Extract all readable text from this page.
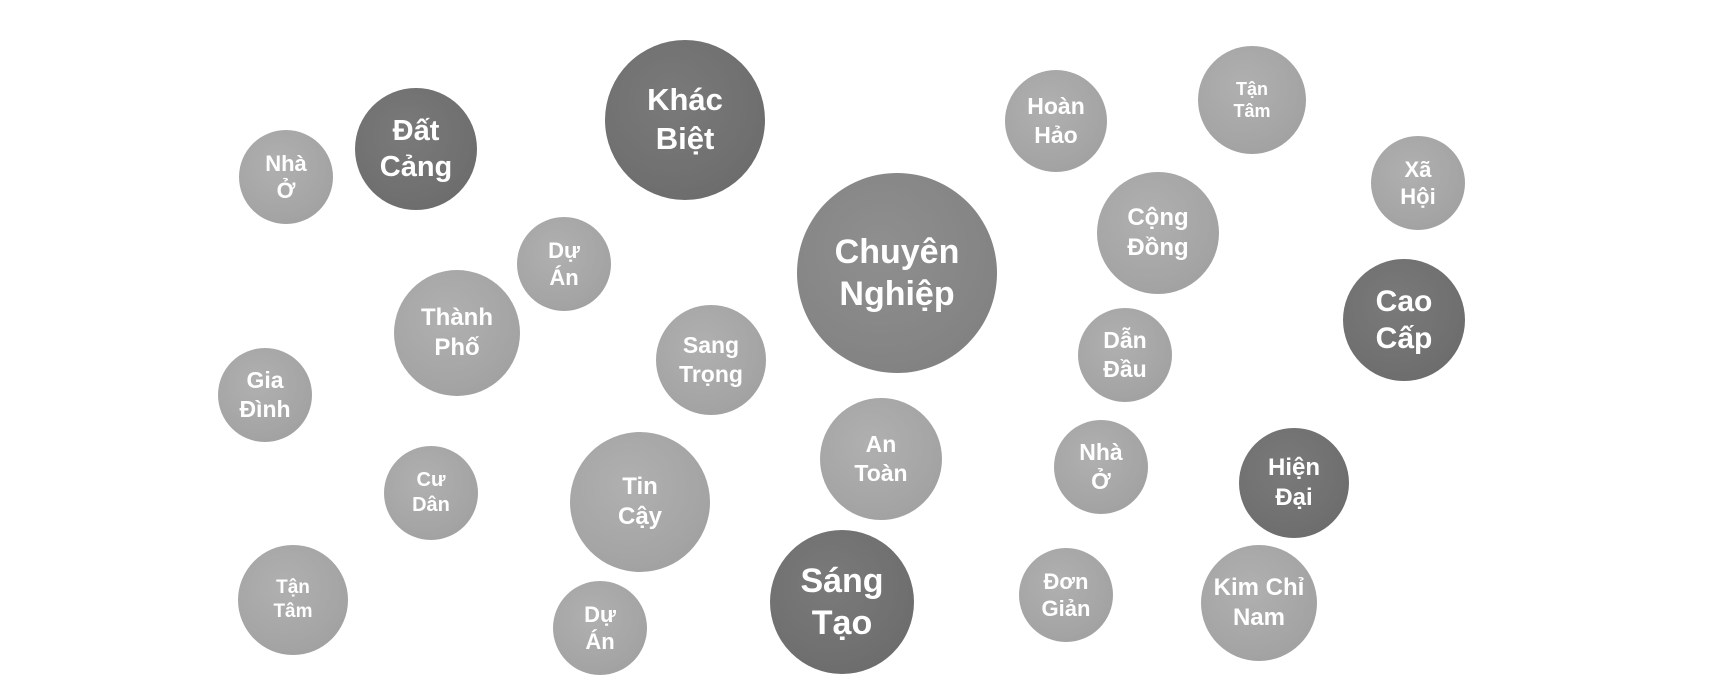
Nhà
Ở
Đất
Cảng
Khác
Biệt
Hoàn
Hảo
Tận
Tâm
Xã
Hội
Dự
Án
Chuyên
Nghiệp
Cộng
Đồng
Thành
Phố
Cao
Cấp
Sang
Trọng
Dẫn
Đầu
Gia
Đình
An
Toàn
Nhà
Ở	Hiện
Đại
Cư
Dân
Tin
Cậy
Tận
Tâm
Sáng
Tạo
Đơn
Giản
Kim Chỉ
Nam
Dự
Án
